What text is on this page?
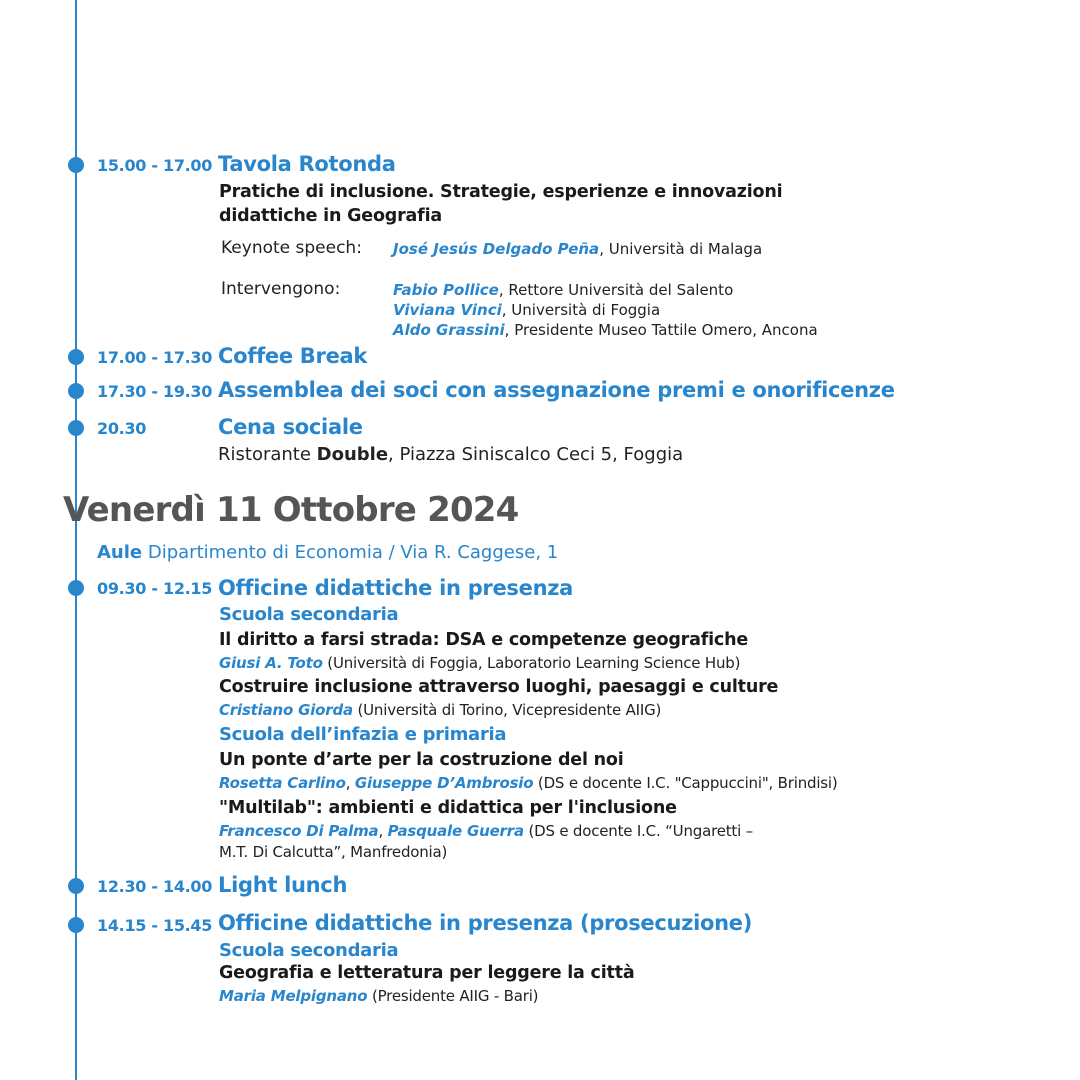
15.00 - 17.00 Tavola Rotonda
Pratiche di inclusione. Strategie, esperienze e innovazioni
didattiche in Geografia
Keynote speech: José Jesús Delgado Peña, Università di Malaga
Intervengono:	Fabio Pollice, Rettore Università del Salento
Viviana Vinci, Università di Foggia
Aldo Grassini, Presidente Museo Tattile Omero, Ancona
17.00 - 17.30 Coffee Break
17.30 - 19.30 Assemblea dei soci con assegnazione premi e onorificenze
20.30	Cena sociale
Ristorante Double, Piazza Siniscalco Ceci 5, Foggia
Venerdì 11 Ottobre 2024
Aule Dipartimento di Economia / Via R. Caggese, 1
09.30 - 12.15 Officine didattiche in presenza
Scuola secondaria
Il diritto a farsi strada: DSA e competenze geografiche
Giusi A. Toto (Università di Foggia, Laboratorio Learning Science Hub)
Costruire inclusione attraverso luoghi, paesaggi e culture
Cristiano Giorda (Università di Torino, Vicepresidente AIIG)
Scuola dell’infazia e primaria
Un ponte d’arte per la costruzione del noi
Rosetta Carlino, Giuseppe D’Ambrosio (DS e docente I.C. "Cappuccini", Brindisi)
"Multilab": ambienti e didattica per l'inclusione
Francesco Di Palma, Pasquale Guerra (DS e docente I.C. “Ungaretti –
M.T. Di Calcutta”, Manfredonia)
12.30 - 14.00 Light lunch
14.15 - 15.45 Officine didattiche in presenza (prosecuzione)
Scuola secondaria
Geografia e letteratura per leggere la città
Maria Melpignano (Presidente AIIG - Bari)
